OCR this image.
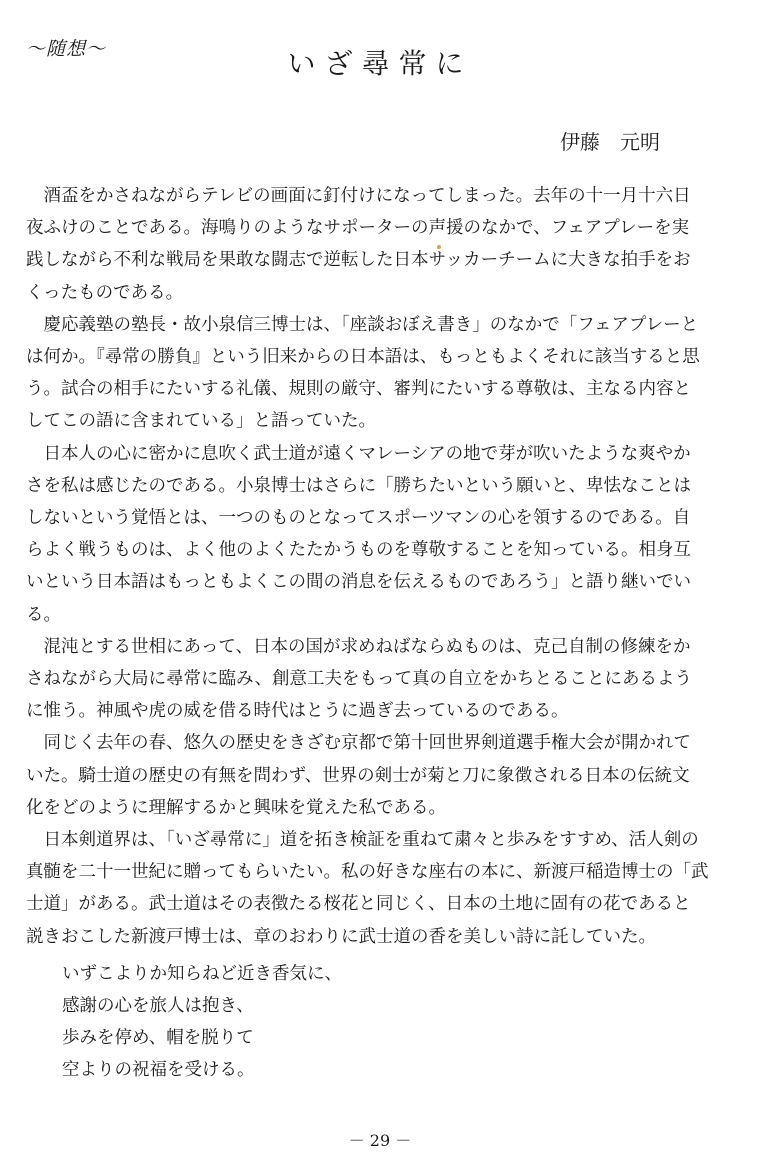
～随想～	いざ尋常に
伊藤　元明
　酒盃をかさねながらテレビの画面に釘付けになってしまった。去年の十一月十六日
夜ふけのことである。海鳴りのようなサポーターの声援のなかで、フェアプレーを実
践しながら不利な戦局を果敢な闘志で逆転した日本サッカーチームに大きな拍手をお
くったものである。
　慶応義塾の塾長・故小泉信三博士は、「座談おぼえ書き」のなかで「フェアプレーと
は何か。『尋常の勝負』という旧来からの日本語は、もっともよくそれに該当すると思
う。試合の相手にたいする礼儀、規則の厳守、審判にたいする尊敬は、主なる内容と
してこの語に含まれている」と語っていた。
　日本人の心に密かに息吹く武士道が遠くマレーシアの地で芽が吹いたような爽やか
さを私は感じたのである。小泉博士はさらに「勝ちたいという願いと、卑怯なことは
しないという覚悟とは、一つのものとなってスポーツマンの心を領するのである。自
らよく戦うものは、よく他のよくたたかうものを尊敬することを知っている。相身互
いという日本語はもっともよくこの間の消息を伝えるものであろう」と語り継いでい
る。
　混沌とする世相にあって、日本の国が求めねばならぬものは、克己自制の修練をか
さねながら大局に尋常に臨み、創意工夫をもって真の自立をかちとることにあるよう
に惟う。神風や虎の威を借る時代はとうに過ぎ去っているのである。
　同じく去年の春、悠久の歴史をきざむ京都で第十回世界剣道選手権大会が開かれて
いた。騎士道の歴史の有無を問わず、世界の剣士が菊と刀に象徴される日本の伝統文
化をどのように理解するかと興味を覚えた私である。
　日本剣道界は、「いざ尋常に」道を拓き検証を重ねて粛々と歩みをすすめ、活人剣の
真髄を二十一世紀に贈ってもらいたい。私の好きな座右の本に、新渡戸稲造博士の「武
士道」がある。武士道はその表徴たる桜花と同じく、日本の土地に固有の花であると
説きおこした新渡戸博士は、章のおわりに武士道の香を美しい詩に託していた。
いずこよりか知らねど近き香気に、
感謝の心を旅人は抱き、
歩みを停め、帽を脱りて
空よりの祝福を受ける。
－ 29 －
